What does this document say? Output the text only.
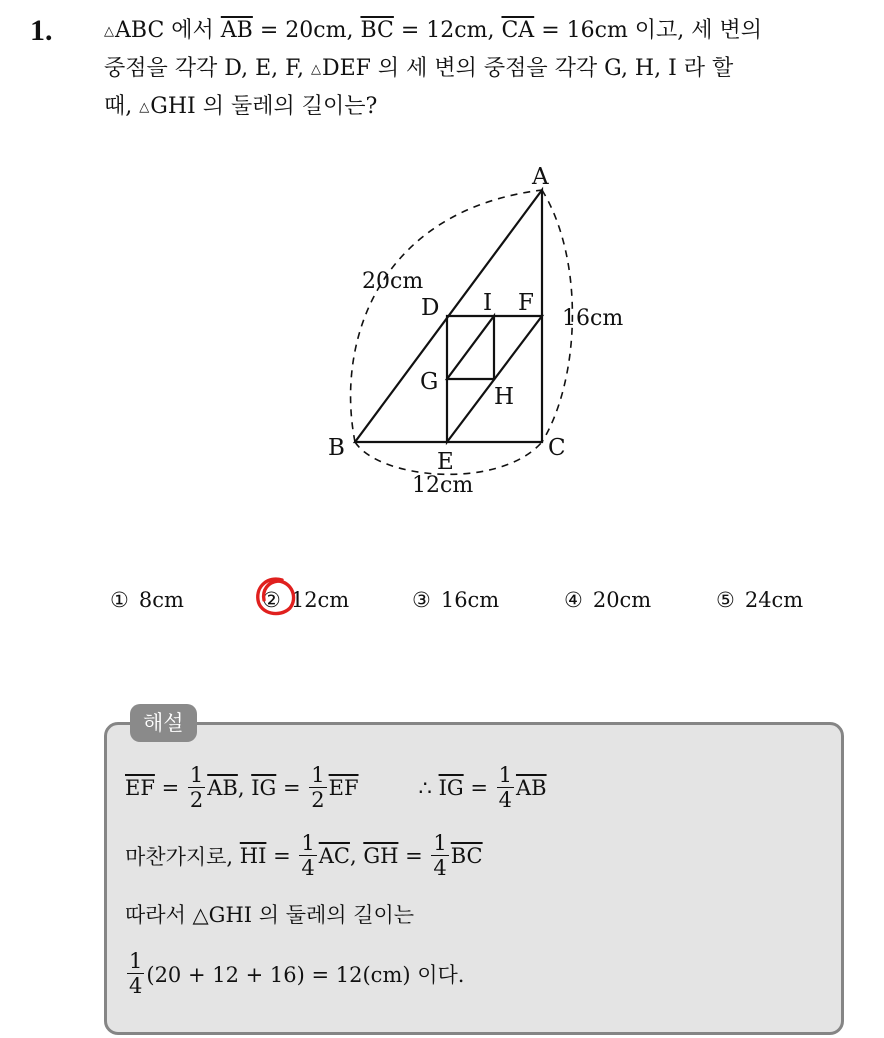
1.	△ABC 에서 $\overline{AB} = 20cm$, $\overline{BC} = 12cm$, $\overline{CA} = 16cm$ 이고, 세 변의
중점을 각각 D, E, F, △DEF 의 세 변의 중점을 각각 G, H, I 라 할
때, △GHI 의 둘레의 길이는?
A
B	C
D
E
F
G
H
I
20cm
16cm
12cm
① 8cm	② 12cm	③ 16cm	④ 20cm	⑤ 24cm
해설
$\overline{EF} = \frac{1}{2} \overline{AB}$ , $\overline{IG} = \frac{1}{2} \overline{EF}$	∴ $\overline{IG} = \frac{1}{4} \overline{AB}$
마찬가지로, $\overline{HI} = \frac{1}{4} \overline{AC}$ , $\overline{GH} = \frac{1}{4} \overline{BC}$
따라서 △GHI 의 둘레의 길이는
$\frac{1}{4} (20 + 12 + 16) = 12(cm)$ 이다.
